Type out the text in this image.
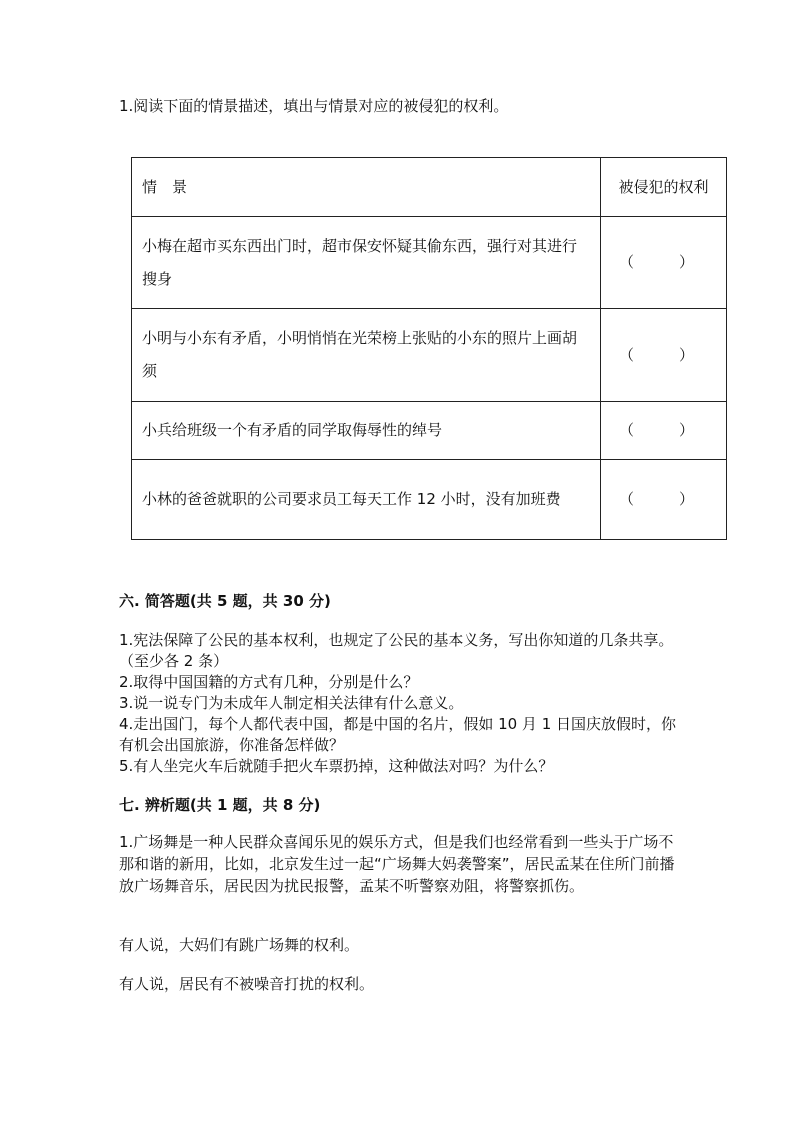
1.阅读下面的情景描述，填出与情景对应的被侵犯的权利。
情　景	被侵犯的权利
小梅在超市买东西出门时，超市保安怀疑其偷东西，强行对其进行搜身	（　　　）
小明与小东有矛盾，小明悄悄在光荣榜上张贴的小东的照片上画胡须	（　　　）
小兵给班级一个有矛盾的同学取侮辱性的绰号	（　　　）
小林的爸爸就职的公司要求员工每天工作 12 小时，没有加班费	（　　　）
六. 简答题(共 5 题，共 30 分)

1.宪法保障了公民的基本权利，也规定了公民的基本义务，写出你知道的几条共享。（至少各 2 条）

2.取得中国国籍的方式有几种，分别是什么？

3.说一说专门为未成年人制定相关法律有什么意义。

4.走出国门，每个人都代表中国，都是中国的名片，假如 10 月 1 日国庆放假时，你有机会出国旅游，你准备怎样做？

5.有人坐完火车后就随手把火车票扔掉，这种做法对吗？为什么？

七. 辨析题(共 1 题，共 8 分)

1.广场舞是一种人民群众喜闻乐见的娱乐方式，但是我们也经常看到一些头于广场不那和谐的新用，比如，北京发生过一起“广场舞大妈袭警案”，居民孟某在住所门前播放广场舞音乐，居民因为扰民报警，孟某不听警察劝阻，将警察抓伤。

有人说，大妈们有跳广场舞的权利。

有人说，居民有不被噪音打扰的权利。
